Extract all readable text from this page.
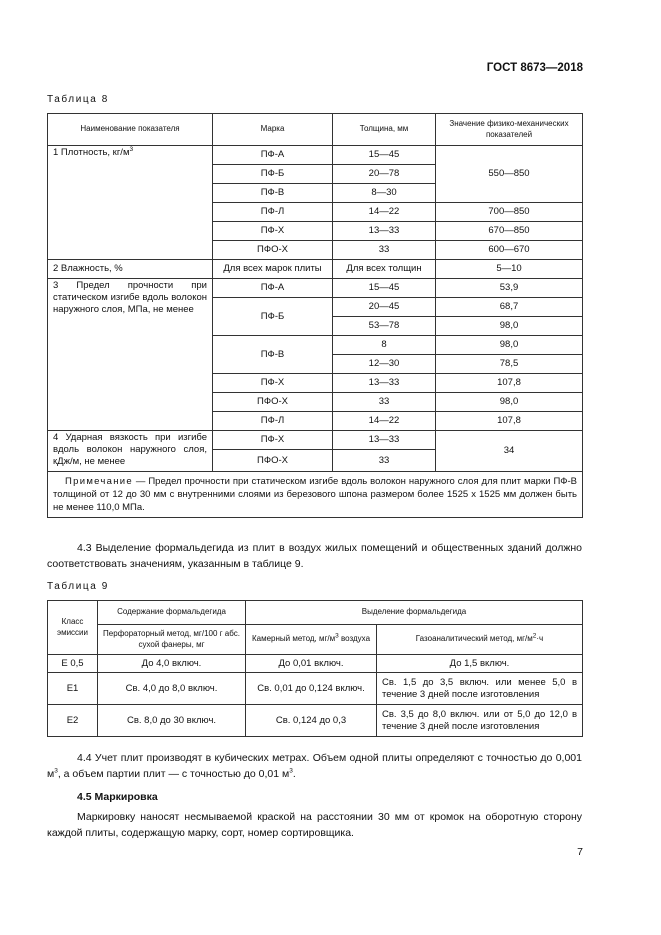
ГОСТ 8673—2018
Таблица 8
Наименование показателя	Марка	Толщина, мм	Значение физико-механических показателей
1 Плотность, $кг/м^3$	ПФ-А	15—45	550—850
	ПФ-Б	20—78	
	ПФ-В	8—30	
	ПФ-Л	14—22	700—850
	ПФ-Х	13—33	670—850
	ПФО-Х	33	600—670
2 Влажность, %	Для всех марок плиты	Для всех толщин	5—10
3 Предел прочности при статическом изгибе вдоль волокон наружного слоя, МПа, не менее	ПФ-А	15—45	53,9
	ПФ-Б	20—45	68,7
		53—78	98,0
	ПФ-В	8	98,0
		12—30	78,5
	ПФ-Х	13—33	107,8
	ПФО-Х	33	98,0
	ПФ-Л	14—22	107,8
4 Ударная вязкость при изгибе вдоль волокон наружного слоя, кДж/м, не менее	ПФ-Х	13—33	34
	ПФО-Х	33	
Примечание — Предел прочности при статическом изгибе вдоль волокон наружного слоя для плит марки ПФ-В толщиной от 12 до 30 мм с внутренними слоями из березового шпона размером более 1525 х 1525 мм должен быть не менее 110,0 МПа.			
4.3 Выделение формальдегида из плит в воздух жилых помещений и общественных зданий должно соответствовать значениям, указанным в таблице 9.
Таблица 9
Класс эмиссии	Содержание формальдегида	Выделение формальдегида	
	Перфораторный метод, мг/100 г абс. сухой фанеры, мг	Камерный метод, $мг/м^3$ воздуха	Газоаналитический метод, $мг/м^2\cdot ч$
Е 0,5	До 4,0 включ.	До 0,01 включ.	До 1,5 включ.
Е1	Св. 4,0 до 8,0 включ.	Св. 0,01 до 0,124 включ.	Св. 1,5 до 3,5 включ. или менее 5,0 в течение 3 дней после изготовления
Е2	Св. 8,0 до 30 включ.	Св. 0,124 до 0,3	Св. 3,5 до 8,0 включ. или от 5,0 до 12,0 в течение 3 дней после изготовления
4.4 Учет плит производят в кубических метрах. Объем одной плиты определяют с точностью до 0,001 $м^3$, а объем партии плит — с точностью до 0,01 $м^3$.
4.5 Маркировка
Маркировку наносят несмываемой краской на расстоянии 30 мм от кромок на оборотную сторону каждой плиты, содержащую марку, сорт, номер сортировщика.
7
